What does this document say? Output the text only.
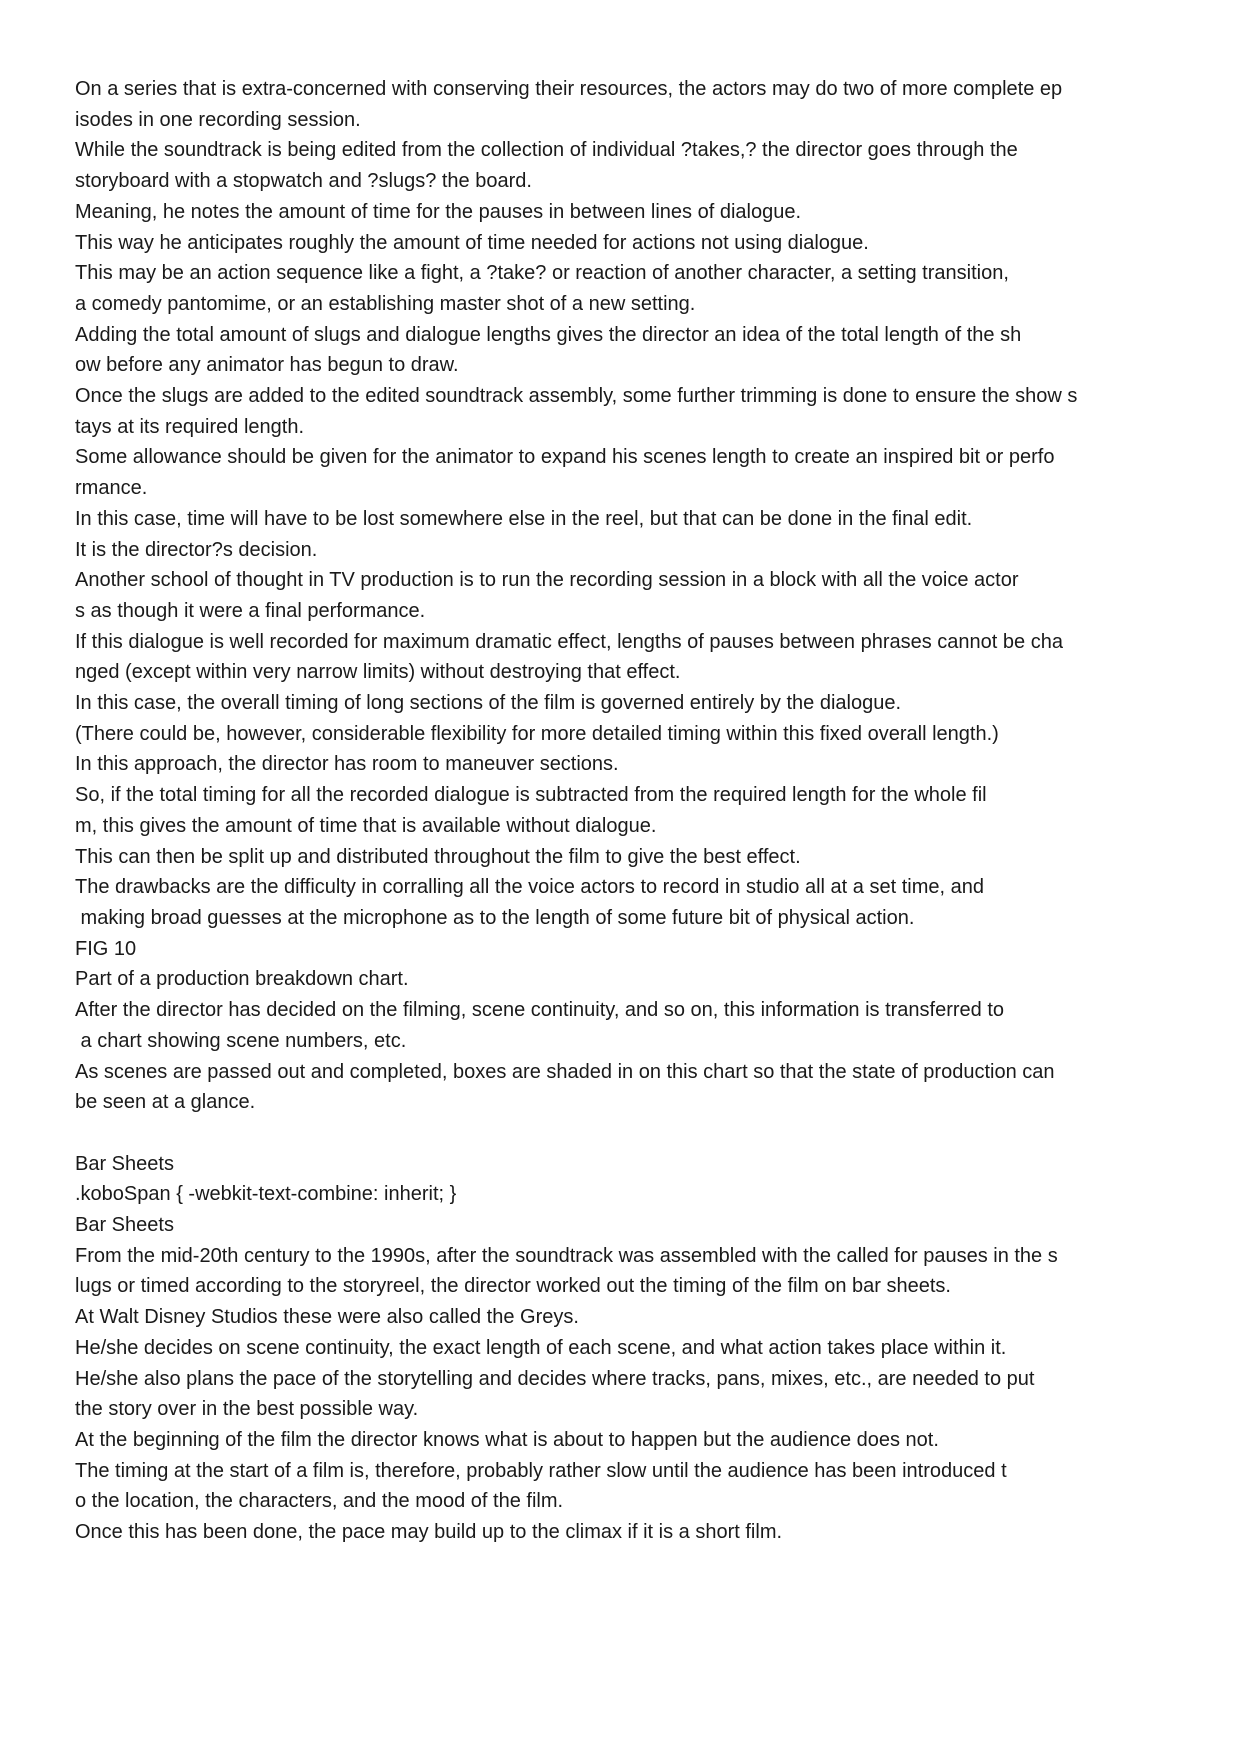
On a series that is extra-concerned with conserving their resources, the actors may do two of more complete ep

isodes in one recording session.

While the soundtrack is being edited from the collection of individual ?takes,? the director goes through the

storyboard with a stopwatch and ?slugs? the board.

Meaning, he notes the amount of time for the pauses in between lines of dialogue.

This way he anticipates roughly the amount of time needed for actions not using dialogue.

This may be an action sequence like a fight, a ?take? or reaction of another character, a setting transition,

a comedy pantomime, or an establishing master shot of a new setting.

Adding the total amount of slugs and dialogue lengths gives the director an idea of the total length of the sh

ow before any animator has begun to draw.

Once the slugs are added to the edited soundtrack assembly, some further trimming is done to ensure the show s

tays at its required length.

Some allowance should be given for the animator to expand his scenes length to create an inspired bit or perfo

rmance.

In this case, time will have to be lost somewhere else in the reel, but that can be done in the final edit.

It is the director?s decision.

Another school of thought in TV production is to run the recording session in a block with all the voice actor

s as though it were a final performance.

If this dialogue is well recorded for maximum dramatic effect, lengths of pauses between phrases cannot be cha

nged (except within very narrow limits) without destroying that effect.

In this case, the overall timing of long sections of the film is governed entirely by the dialogue.

(There could be, however, considerable flexibility for more detailed timing within this fixed overall length.)

In this approach, the director has room to maneuver sections.

So, if the total timing for all the recorded dialogue is subtracted from the required length for the whole fil

m, this gives the amount of time that is available without dialogue.

This can then be split up and distributed throughout the film to give the best effect.

The drawbacks are the difficulty in corralling all the voice actors to record in studio all at a set time, and

making broad guesses at the microphone as to the length of some future bit of physical action.

FIG 10

Part of a production breakdown chart.

After the director has decided on the filming, scene continuity, and so on, this information is transferred to

a chart showing scene numbers, etc.

As scenes are passed out and completed, boxes are shaded in on this chart so that the state of production can

be seen at a glance.

Bar Sheets

.koboSpan { -webkit-text-combine: inherit; }

Bar Sheets

From the mid-20th century to the 1990s, after the soundtrack was assembled with the called for pauses in the s

lugs or timed according to the storyreel, the director worked out the timing of the film on bar sheets.

At Walt Disney Studios these were also called the Greys.

He/she decides on scene continuity, the exact length of each scene, and what action takes place within it.

He/she also plans the pace of the storytelling and decides where tracks, pans, mixes, etc., are needed to put

the story over in the best possible way.

At the beginning of the film the director knows what is about to happen but the audience does not.

The timing at the start of a film is, therefore, probably rather slow until the audience has been introduced t

o the location, the characters, and the mood of the film.

Once this has been done, the pace may build up to the climax if it is a short film.
